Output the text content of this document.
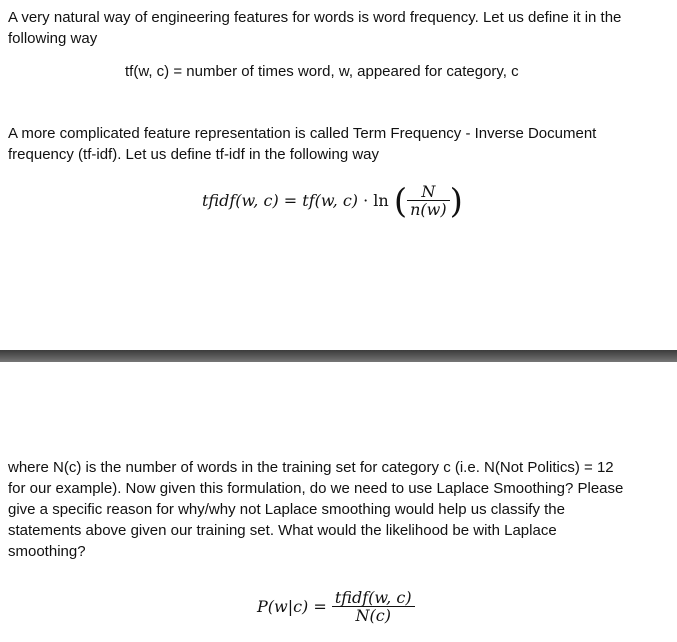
A very natural way of engineering features for words is word frequency. Let us define it in the
following way
tf(w, c) = number of times word, w, appeared for category, c
A more complicated feature representation is called Term Frequency - Inverse Document
frequency (tf-idf). Let us define tf-idf in the following way
tfidf(w, c) = tf(w, c) · ln ( $\frac{N}{n(w)}$ )
where N(c) is the number of words in the training set for category c (i.e. N(Not Politics) = 12
for our example). Now given this formulation, do we need to use Laplace Smoothing? Please
give a specific reason for why/why not Laplace smoothing would help us classify the
statements above given our training set. What would the likelihood be with Laplace
smoothing?
$P(w|c) = \frac{\text{tfidf(w, c)}}{N(c)}$
